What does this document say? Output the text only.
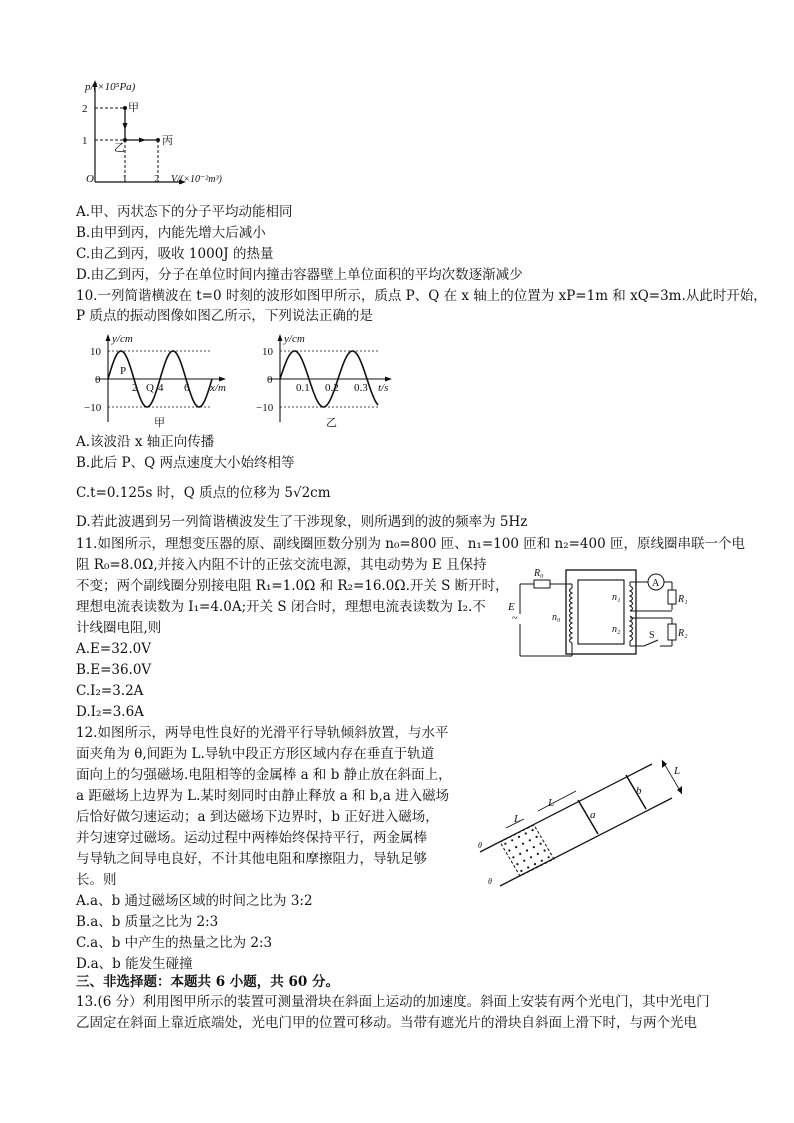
p/(×10⁵Pa)
2
1
O	1 2 V/(×10⁻²m³)
甲
乙
丙
A.甲、丙状态下的分子平均动能相同
B.由甲到丙，内能先增大后减小
C.由乙到丙，吸收 1000J 的热量
D.由乙到丙，分子在单位时间内撞击容器壁上单位面积的平均次数逐渐减少
10.一列简谐横波在 t=0 时刻的波形如图甲所示，质点 P、Q 在 x 轴上的位置为 xP=1m 和 xQ=3m.从此时开始，
P 质点的振动图像如图乙所示，下列说法正确的是
y/cm
10
0
−10
2 4 6 x/m
P
Q
甲
y/cm
10
0
−10
0.1 0.2 0.3 t/s
乙
A.该波沿 x 轴正向传播
B.此后 P、Q 两点速度大小始终相等
C.t=0.125s 时，Q 质点的位移为 5√2cm
D.若此波遇到另一列简谐横波发生了干涉现象，则所遇到的波的频率为 5Hz
11.如图所示，理想变压器的原、副线圈匝数分别为 n₀=800 匝、n₁=100 匝和 n₂=400 匝，原线圈串联一个电
阻 R₀=8.0Ω,并接入内阻不计的正弦交流电源，其电动势为 E 且保持
不变；两个副线圈分别接电阻 R₁=1.0Ω 和 R₂=16.0Ω.开关 S 断开时，
理想电流表读数为 I₁=4.0A;开关 S 闭合时，理想电流表读数为 I₂.不
计线圈电阻,则
A.E=32.0V
B.E=36.0V
C.I₂=3.2A
D.I₂=3.6A
~
R₀
E
n₀
n₁
n₂
A
R₁
R₂
S
12.如图所示，两导电性良好的光滑平行导轨倾斜放置，与水平
面夹角为 θ,间距为 L.导轨中段正方形区域内存在垂直于轨道
面向上的匀强磁场.电阻相等的金属棒 a 和 b 静止放在斜面上，
a 距磁场上边界为 L.某时刻同时由静止释放 a 和 b,a 进入磁场
后恰好做匀速运动；a 到达磁场下边界时，b 正好进入磁场，
并匀速穿过磁场。运动过程中两棒始终保持平行，两金属棒
与导轨之间导电良好，不计其他电阻和摩擦阻力，导轨足够
长。则
A.a、b 通过磁场区域的时间之比为 3:2
B.a、b 质量之比为 2:3
C.a、b 中产生的热量之比为 2:3
D.a、b 能发生碰撞
L
L
L
a
b
θ
θ
三、非选择题：本题共 6 小题，共 60 分。
13.(6 分）利用图甲所示的装置可测量滑块在斜面上运动的加速度。斜面上安装有两个光电门，其中光电门
乙固定在斜面上靠近底端处，光电门甲的位置可移动。当带有遮光片的滑块自斜面上滑下时，与两个光电
